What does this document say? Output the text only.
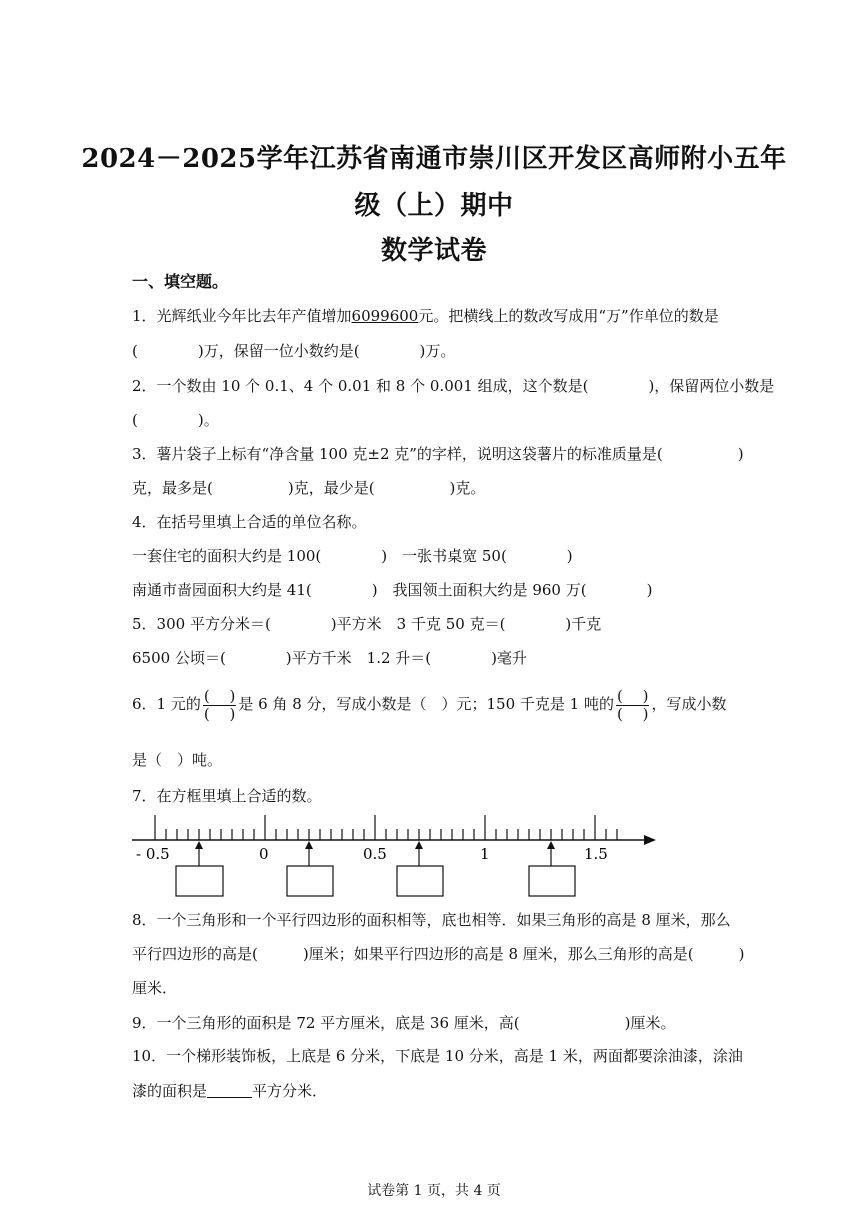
2024－2025学年江苏省南通市崇川区开发区高师附小五年
级（上）期中
数学试卷
一、填空题。
1．光辉纸业今年比去年产值增加6099600元。把横线上的数改写成用“万”作单位的数是
(　　　　)万，保留一位小数约是(　　　　)万。
2．一个数由 10 个 0.1、4 个 0.01 和 8 个 0.001 组成，这个数是(　　　　)，保留两位小数是
(　　　　)。
3．薯片袋子上标有“净含量 100 克±2 克”的字样，说明这袋薯片的标准质量是(　　　　　)
克，最多是(　　　　　)克，最少是(　　　　　)克。
4．在括号里填上合适的单位名称。
一套住宅的面积大约是 100(　　　　)　一张书桌宽 50(　　　　)
南通市啬园面积大约是 41(　　　　)　我国领土面积大约是 960 万(　　　　)
5．300 平方分米＝(　　　　)平方米　3 千克 50 克＝(　　　　)千克
6500 公顷＝(　　　　)平方千米　1.2 升＝(　　　　)毫升
6．1 元的 $\frac{( )}{( )}$ 是 6 角 8 分，写成小数是（　）元；150 千克是 1 吨的 $\frac{( )}{( )}$ ，写成小数
是（　）吨。
7．在方框里填上合适的数。
- 0.5	0	0.5	1	1.5
8．一个三角形和一个平行四边形的面积相等，底也相等．如果三角形的高是 8 厘米，那么
平行四边形的高是(　　　)厘米；如果平行四边形的高是 8 厘米，那么三角形的高是(　　　)
厘米．
9．一个三角形的面积是 72 平方厘米，底是 36 厘米，高(　　　　　　　)厘米。
10．一个梯形装饰板，上底是 6 分米，下底是 10 分米，高是 1 米，两面都要涂油漆，涂油
漆的面积是　　　	平方分米．
试卷第 1 页，共 4 页
